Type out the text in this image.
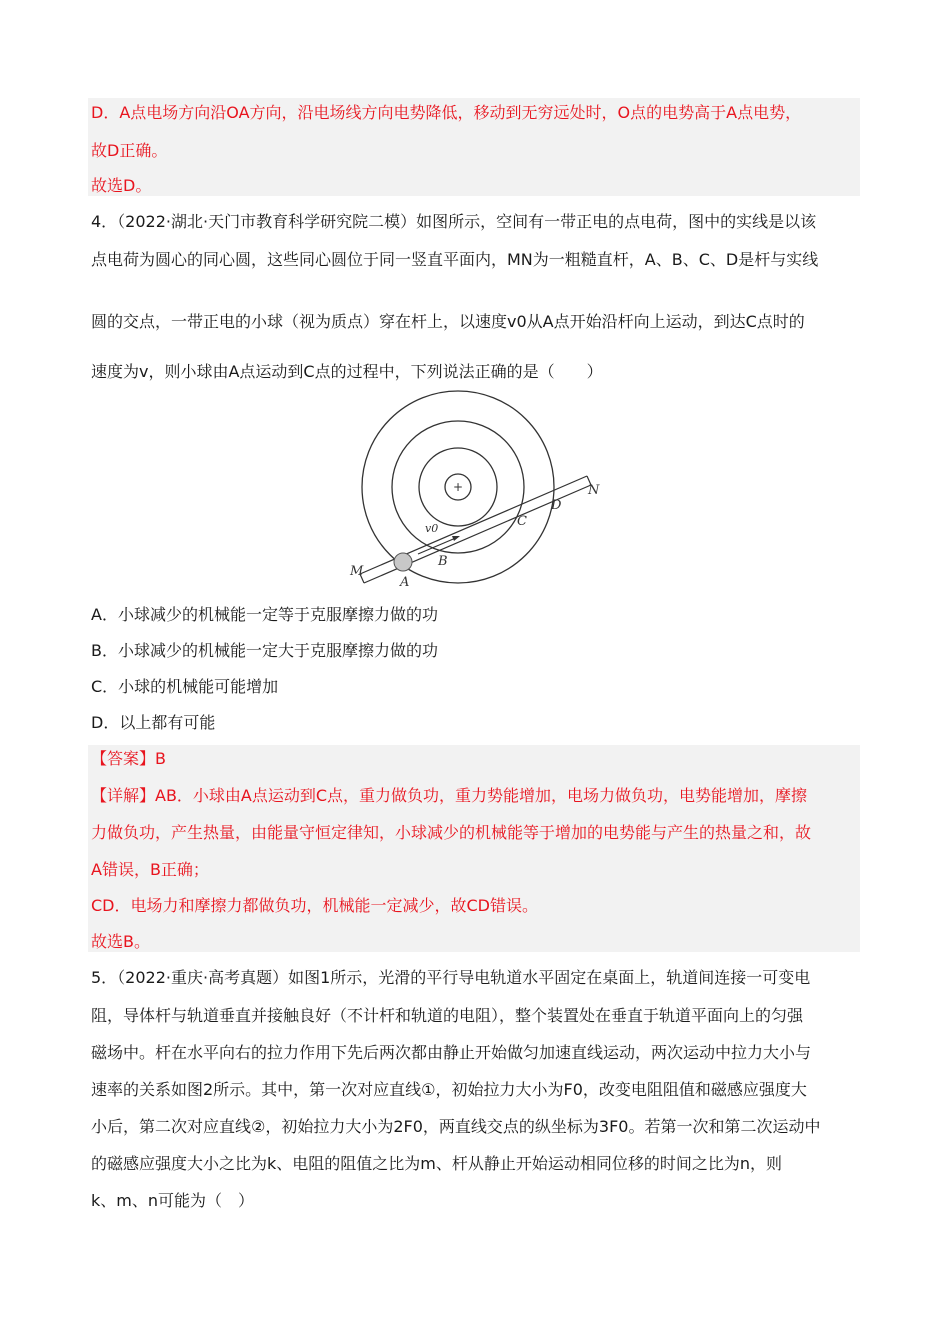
D．A点电场方向沿OA方向，沿电场线方向电势降低，移动到无穷远处时，O点的电势高于A点电势，

故D正确。

故选D。

4．（2022·湖北·天门市教育科学研究院二模）如图所示，空间有一带正电的点电荷，图中的实线是以该

点电荷为圆心的同心圆，这些同心圆位于同一竖直平面内，MN为一粗糙直杆，A、B、C、D是杆与实线

圆的交点，一带正电的小球（视为质点）穿在杆上，以速度v0从A点开始沿杆向上运动，到达C点时的

速度为v，则小球由A点运动到C点的过程中，下列说法正确的是（　　）

+
M
A
B
C
D
N
v0

A．小球减少的机械能一定等于克服摩擦力做的功

B．小球减少的机械能一定大于克服摩擦力做的功

C．小球的机械能可能增加

D．以上都有可能

【答案】B

【详解】AB．小球由A点运动到C点，重力做负功，重力势能增加，电场力做负功，电势能增加，摩擦

力做负功，产生热量，由能量守恒定律知，小球减少的机械能等于增加的电势能与产生的热量之和，故

A错误，B正确；

CD．电场力和摩擦力都做负功，机械能一定减少，故CD错误。

故选B。

5．（2022·重庆·高考真题）如图1所示，光滑的平行导电轨道水平固定在桌面上，轨道间连接一可变电

阻，导体杆与轨道垂直并接触良好（不计杆和轨道的电阻），整个装置处在垂直于轨道平面向上的匀强

磁场中。杆在水平向右的拉力作用下先后两次都由静止开始做匀加速直线运动，两次运动中拉力大小与

速率的关系如图2所示。其中，第一次对应直线①，初始拉力大小为F0，改变电阻阻值和磁感应强度大

小后，第二次对应直线②，初始拉力大小为2F0，两直线交点的纵坐标为3F0。若第一次和第二次运动中

的磁感应强度大小之比为k、电阻的阻值之比为m、杆从静止开始运动相同位移的时间之比为n，则

k、m、n可能为（　）
